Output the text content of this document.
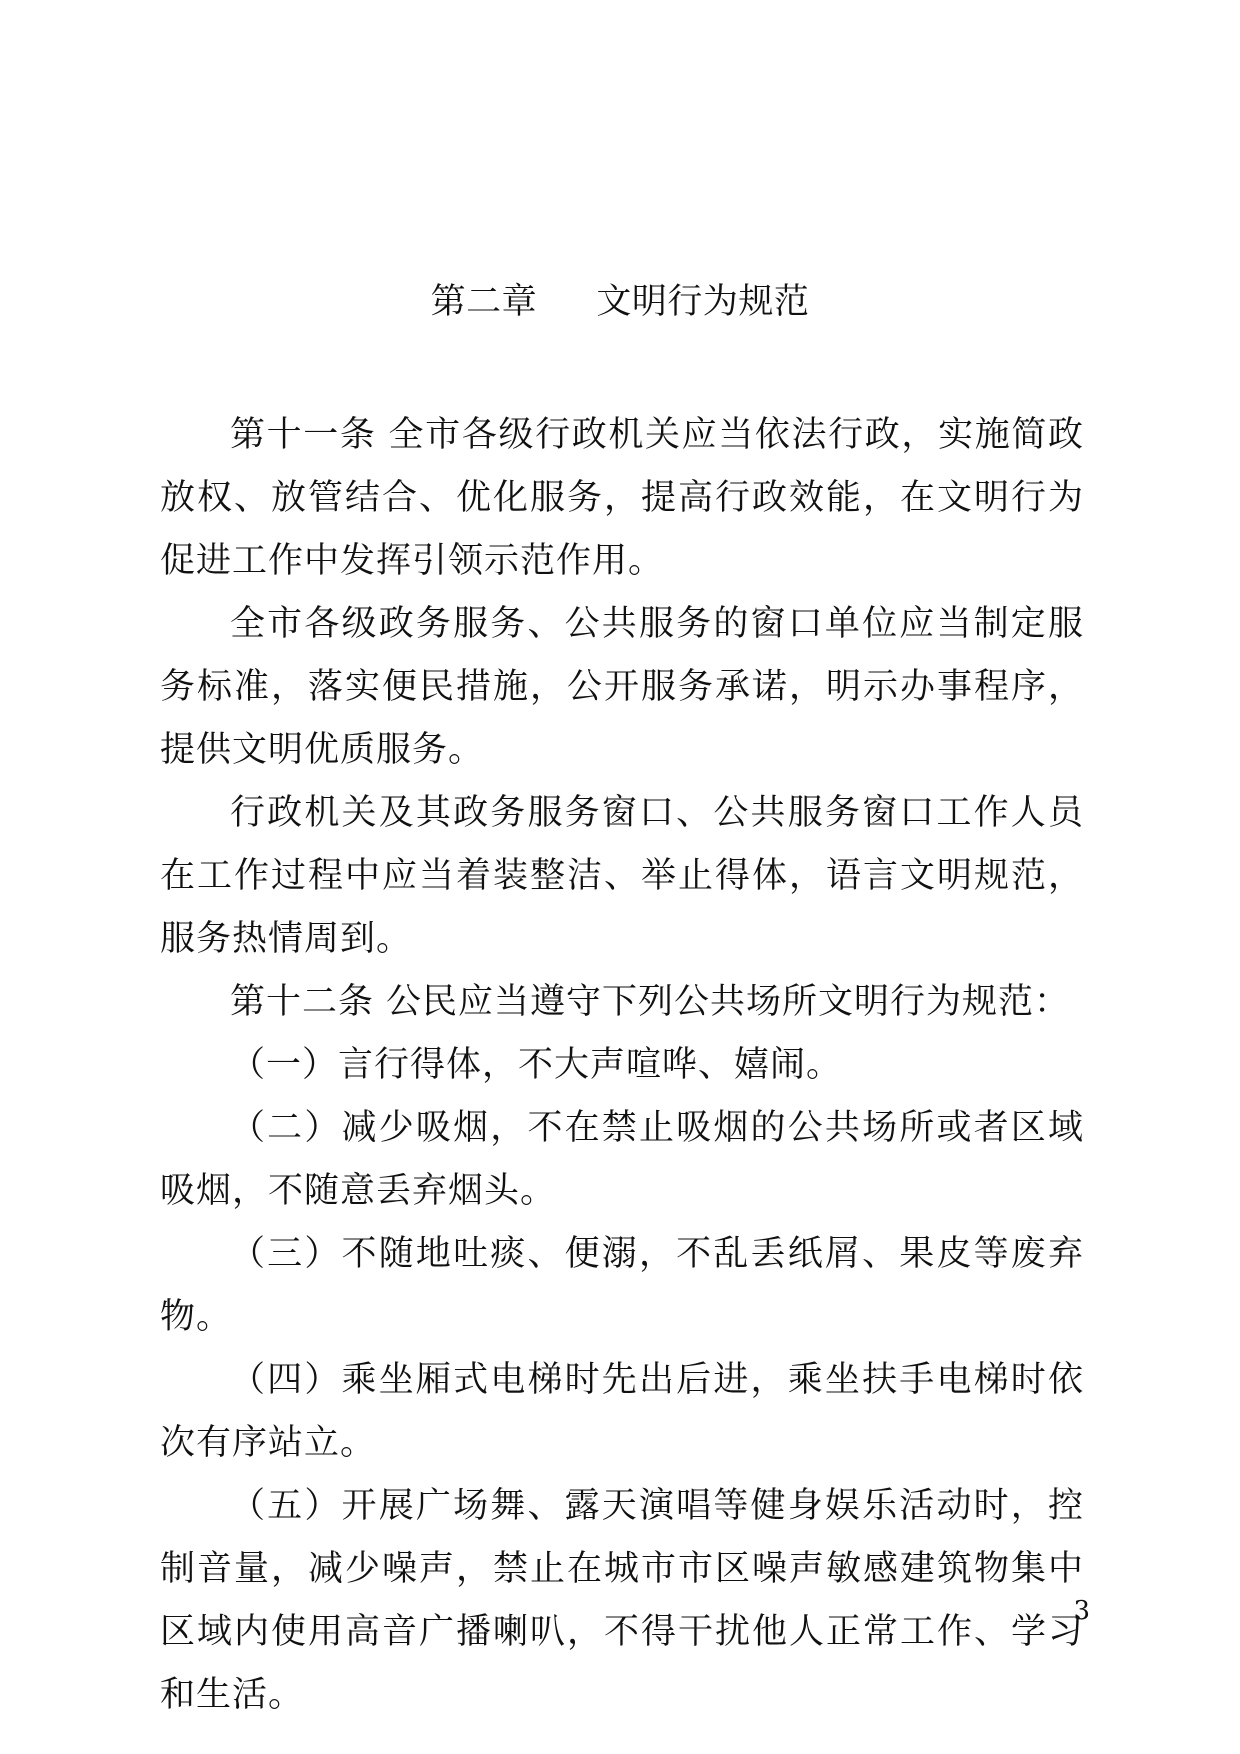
第二章  文明行为规范

第十一条 全市各级行政机关应当依法行政，实施简政放权、放管结合、优化服务，提高行政效能，在文明行为促进工作中发挥引领示范作用。

全市各级政务服务、公共服务的窗口单位应当制定服务标准，落实便民措施，公开服务承诺，明示办事程序，提供文明优质服务。

行政机关及其政务服务窗口、公共服务窗口工作人员在工作过程中应当着装整洁、举止得体，语言文明规范，服务热情周到。

第十二条 公民应当遵守下列公共场所文明行为规范：

（一）言行得体，不大声喧哗、嬉闹。

（二）减少吸烟，不在禁止吸烟的公共场所或者区域吸烟，不随意丢弃烟头。

（三）不随地吐痰、便溺，不乱丢纸屑、果皮等废弃物。

（四）乘坐厢式电梯时先出后进，乘坐扶手电梯时依次有序站立。

（五）开展广场舞、露天演唱等健身娱乐活动时，控制音量，减少噪声，禁止在城市市区噪声敏感建筑物集中区域内使用高音广播喇叭，不得干扰他人正常工作、学习和生活。

3
